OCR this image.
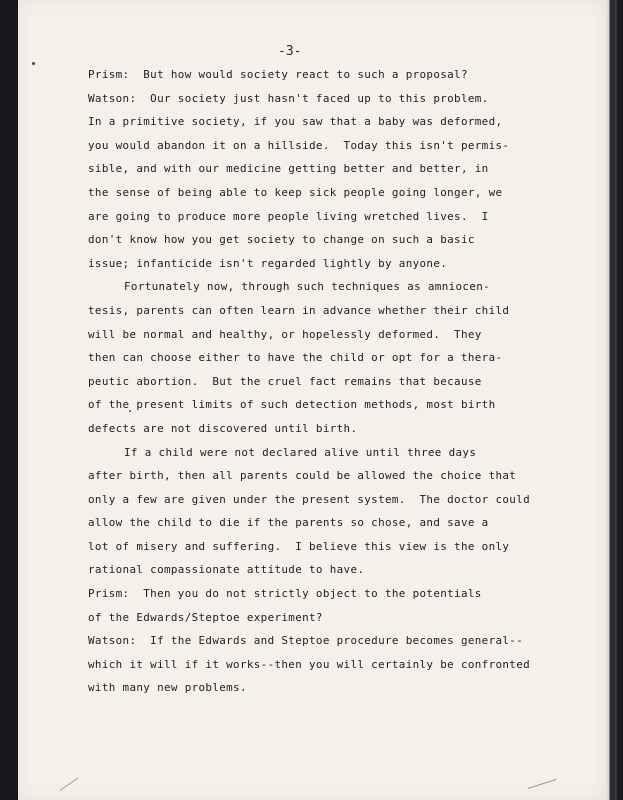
-3-
Prism:  But how would society react to such a proposal?
Watson:  Our society just hasn't faced up to this problem.
In a primitive society, if you saw that a baby was deformed,
you would abandon it on a hillside.  Today this isn't permis-
sible, and with our medicine getting better and better, in
the sense of being able to keep sick people going longer, we
are going to produce more people living wretched lives.  I
don't know how you get society to change on such a basic
issue; infanticide isn't regarded lightly by anyone.
Fortunately now, through such techniques as amniocen-
tesis, parents can often learn in advance whether their child
will be normal and healthy, or hopelessly deformed.  They
then can choose either to have the child or opt for a thera-
peutic abortion.  But the cruel fact remains that because
of the present limits of such detection methods, most birth
defects are not discovered until birth.
If a child were not declared alive until three days
after birth, then all parents could be allowed the choice that
only a few are given under the present system.  The doctor could
allow the child to die if the parents so chose, and save a
lot of misery and suffering.  I believe this view is the only
rational compassionate attitude to have.
Prism:  Then you do not strictly object to the potentials
of the Edwards/Steptoe experiment?
Watson:  If the Edwards and Steptoe procedure becomes general--
which it will if it works--then you will certainly be confronted
with many new problems.
